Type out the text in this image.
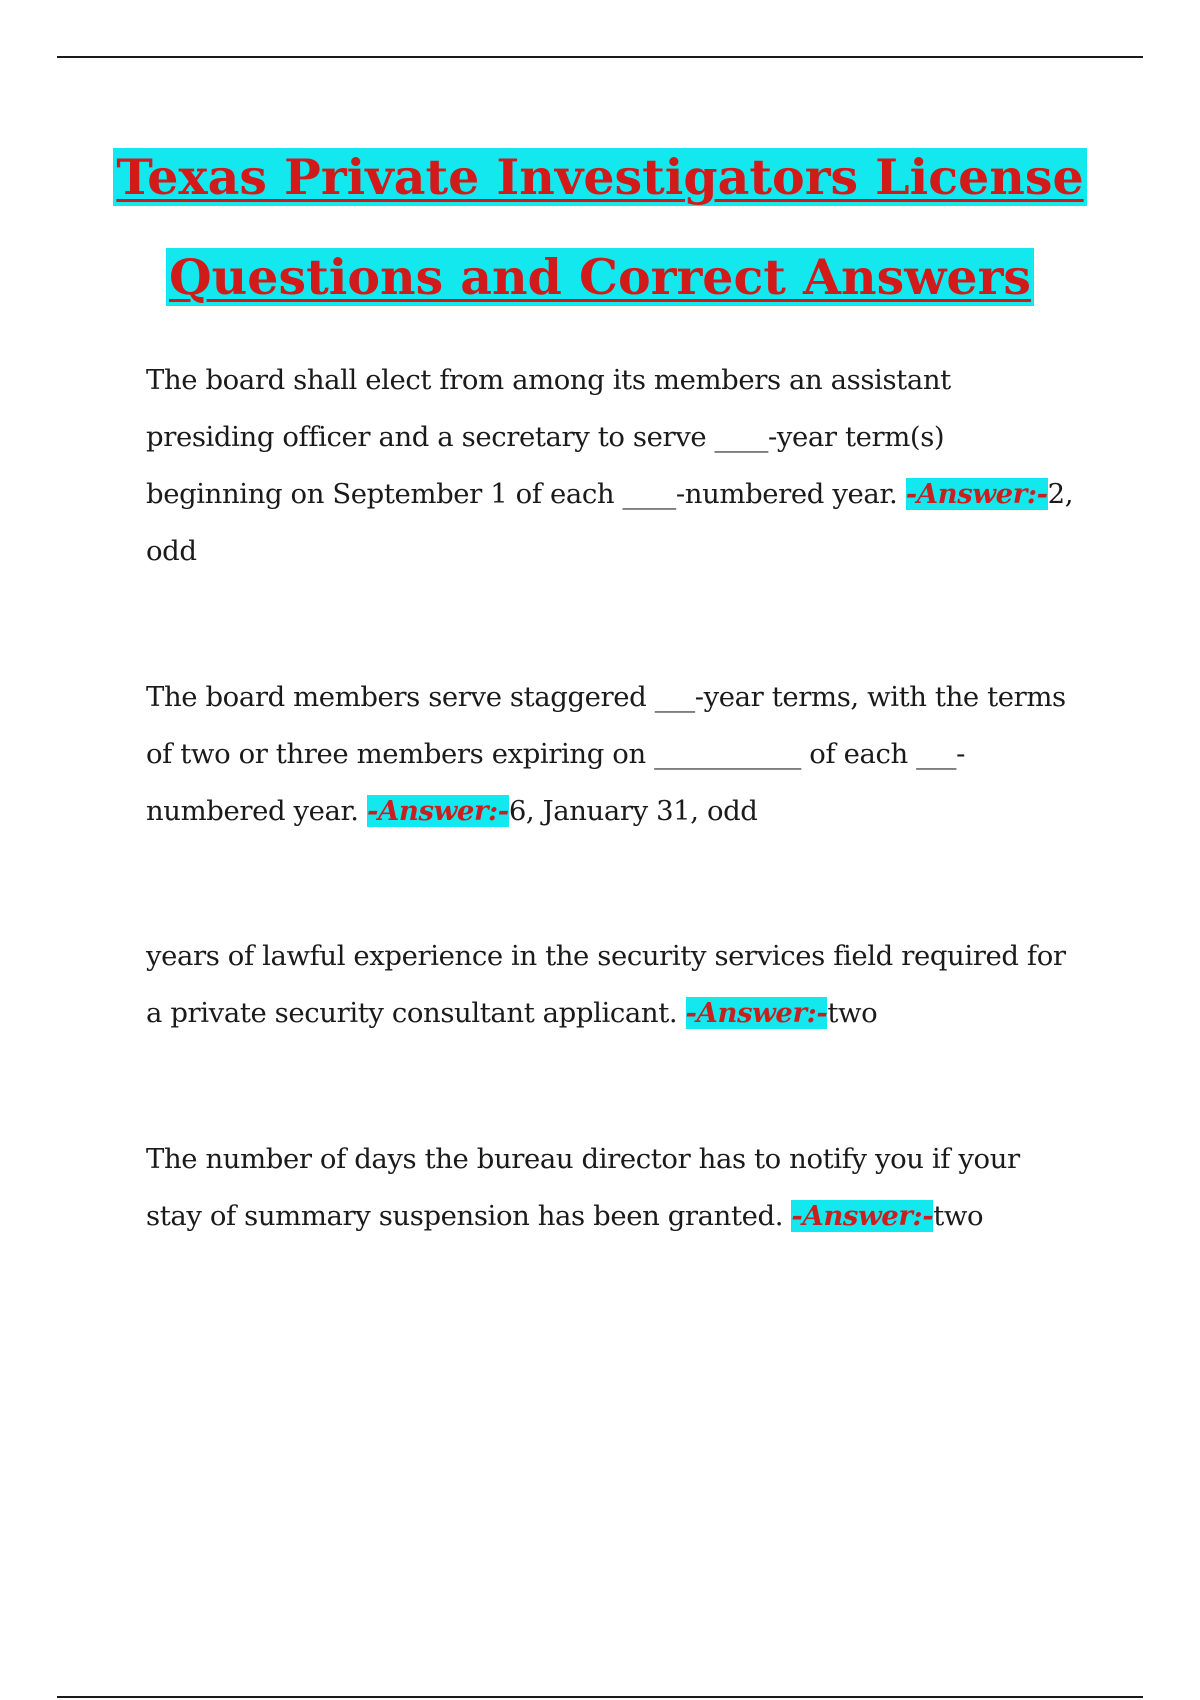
Texas Private Investigators License
Questions and Correct Answers

The board shall elect from among its members an assistant presiding officer and a secretary to serve ____-year term(s) beginning on September 1 of each ____-numbered year. -Answer:-2, odd

The board members serve staggered ___-year terms, with the terms of two or three members expiring on ___________ of each ___-numbered year. -Answer:-6, January 31, odd

years of lawful experience in the security services field required for a private security consultant applicant. -Answer:-two

The number of days the bureau director has to notify you if your stay of summary suspension has been granted. -Answer:-two
